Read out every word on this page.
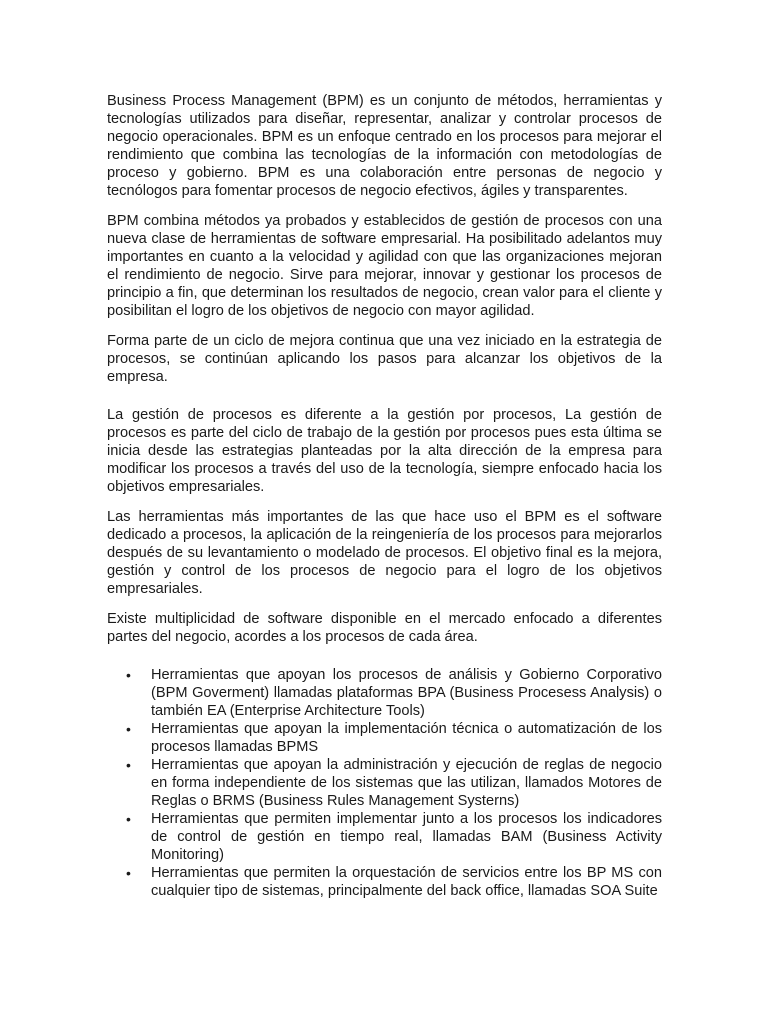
Business Process Management (BPM) es un conjunto de métodos, herramientas y tecnologías utilizados para diseñar, representar, analizar y controlar procesos de negocio operacionales. BPM es un enfoque centrado en los procesos para mejorar el rendimiento que combina las tecnologías de la información con metodologías de proceso y gobierno. BPM es una colaboración entre personas de negocio y tecnólogos para fomentar procesos de negocio efectivos, ágiles y transparentes.

BPM combina métodos ya probados y establecidos de gestión de procesos con una nueva clase de herramientas de software empresarial. Ha posibilitado adelantos muy importantes en cuanto a la velocidad y agilidad con que las organizaciones mejoran el rendimiento de negocio. Sirve para mejorar, innovar y gestionar los procesos de principio a fin, que determinan los resultados de negocio, crean valor para el cliente y posibilitan el logro de los objetivos de negocio con mayor agilidad.

Forma parte de un ciclo de mejora continua que una vez iniciado en la estrategia de procesos, se continúan aplicando los pasos para alcanzar los objetivos de la empresa.

La gestión de procesos es diferente a la gestión por procesos, La gestión de procesos es parte del ciclo de trabajo de la gestión por procesos pues esta última se inicia desde las estrategias planteadas por la alta dirección de la empresa para modificar los procesos a través del uso de la tecnología, siempre enfocado hacia los objetivos empresariales.

Las herramientas más importantes de las que hace uso el BPM es el software dedicado a procesos, la aplicación de la reingeniería de los procesos para mejorarlos después de su levantamiento o modelado de procesos. El objetivo final es la mejora, gestión y control de los procesos de negocio para el logro de los objetivos empresariales.

Existe multiplicidad de software disponible en el mercado enfocado a diferentes partes del negocio, acordes a los procesos de cada área.

• Herramientas que apoyan los procesos de análisis y Gobierno Corporativo (BPM Goverment) llamadas plataformas BPA (Business Procesess Analysis) o también EA (Enterprise Architecture Tools)
• Herramientas que apoyan la implementación técnica o automatización de los procesos llamadas BPMS
• Herramientas que apoyan la administración y ejecución de reglas de negocio en forma independiente de los sistemas que las utilizan, llamados Motores de Reglas o BRMS (Business Rules Management Systerns)
• Herramientas que permiten implementar junto a los procesos los indicadores de control de gestión en tiempo real, llamadas BAM (Business Activity Monitoring)
• Herramientas que permiten la orquestación de servicios entre los BP MS con cualquier tipo de sistemas, principalmente del back office, llamadas SOA Suite
